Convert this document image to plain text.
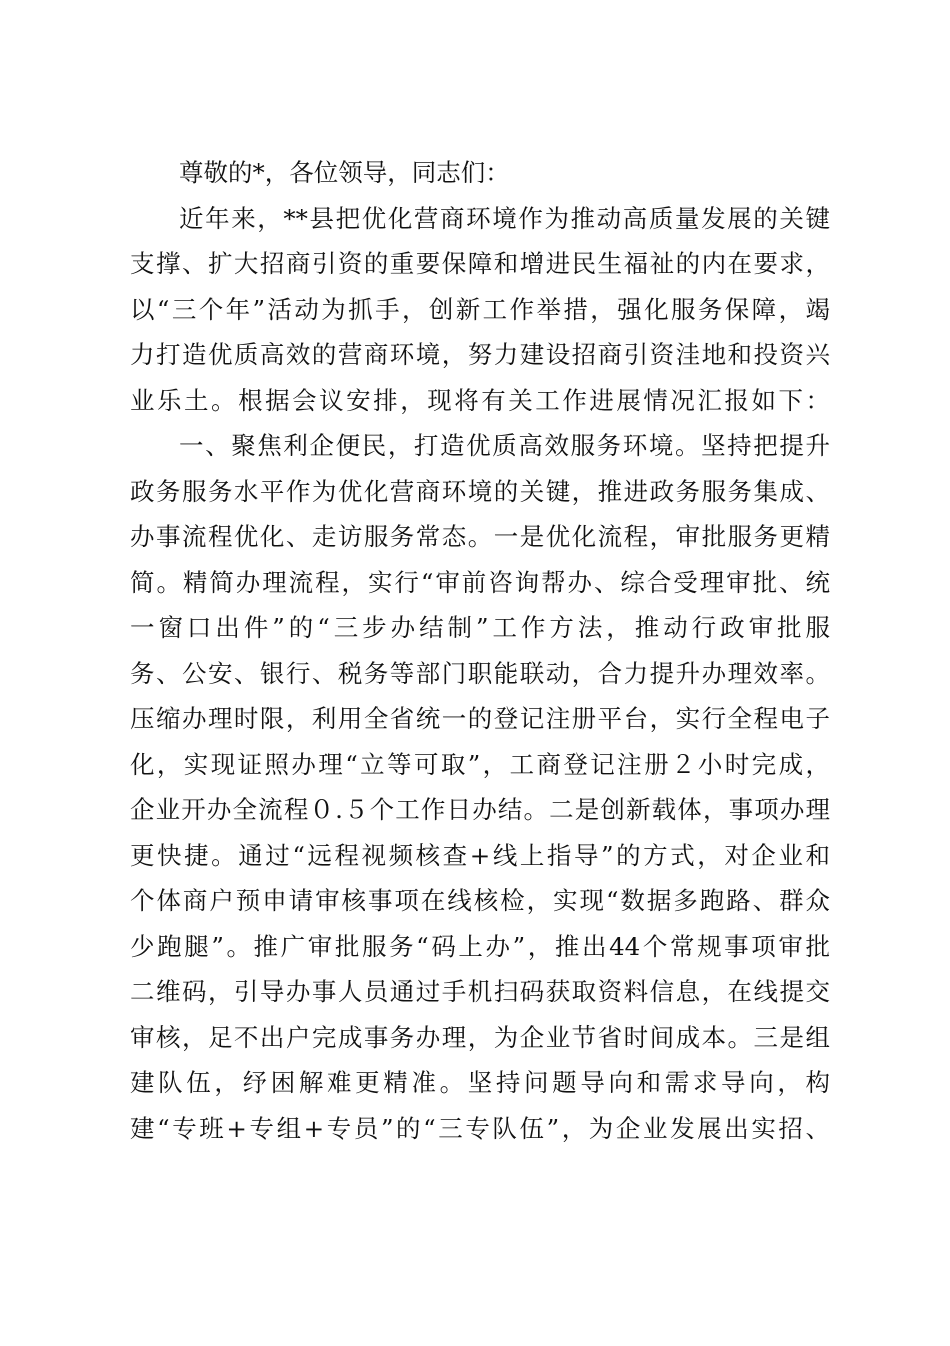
尊敬的*，各位领导，同志们：
近年来，**县把优化营商环境作为推动高质量发展的关键
支撑、扩大招商引资的重要保障和增进民生福祉的内在要求，
以“三个年”活动为抓手，创新工作举措，强化服务保障，竭
力打造优质高效的营商环境，努力建设招商引资洼地和投资兴
业乐土。根据会议安排，现将有关工作进展情况汇报如下：
一、聚焦利企便民，打造优质高效服务环境。坚持把提升
政务服务水平作为优化营商环境的关键，推进政务服务集成、
办事流程优化、走访服务常态。一是优化流程，审批服务更精
简。精简办理流程，实行“审前咨询帮办、综合受理审批、统
一窗口出件”的“三步办结制”工作方法，推动行政审批服
务、公安、银行、税务等部门职能联动，合力提升办理效率。
压缩办理时限，利用全省统一的登记注册平台，实行全程电子
化，实现证照办理“立等可取”，工商登记注册２小时完成，
企业开办全流程０.５个工作日办结。二是创新载体，事项办理
更快捷。通过“远程视频核查+线上指导”的方式，对企业和
个体商户预申请审核事项在线核检，实现“数据多跑路、群众
少跑腿”。推广审批服务“码上办”，推出44个常规事项审批
二维码，引导办事人员通过手机扫码获取资料信息，在线提交
审核，足不出户完成事务办理，为企业节省时间成本。三是组
建队伍，纾困解难更精准。坚持问题导向和需求导向，构
建“专班+专组+专员”的“三专队伍”，为企业发展出实招、
